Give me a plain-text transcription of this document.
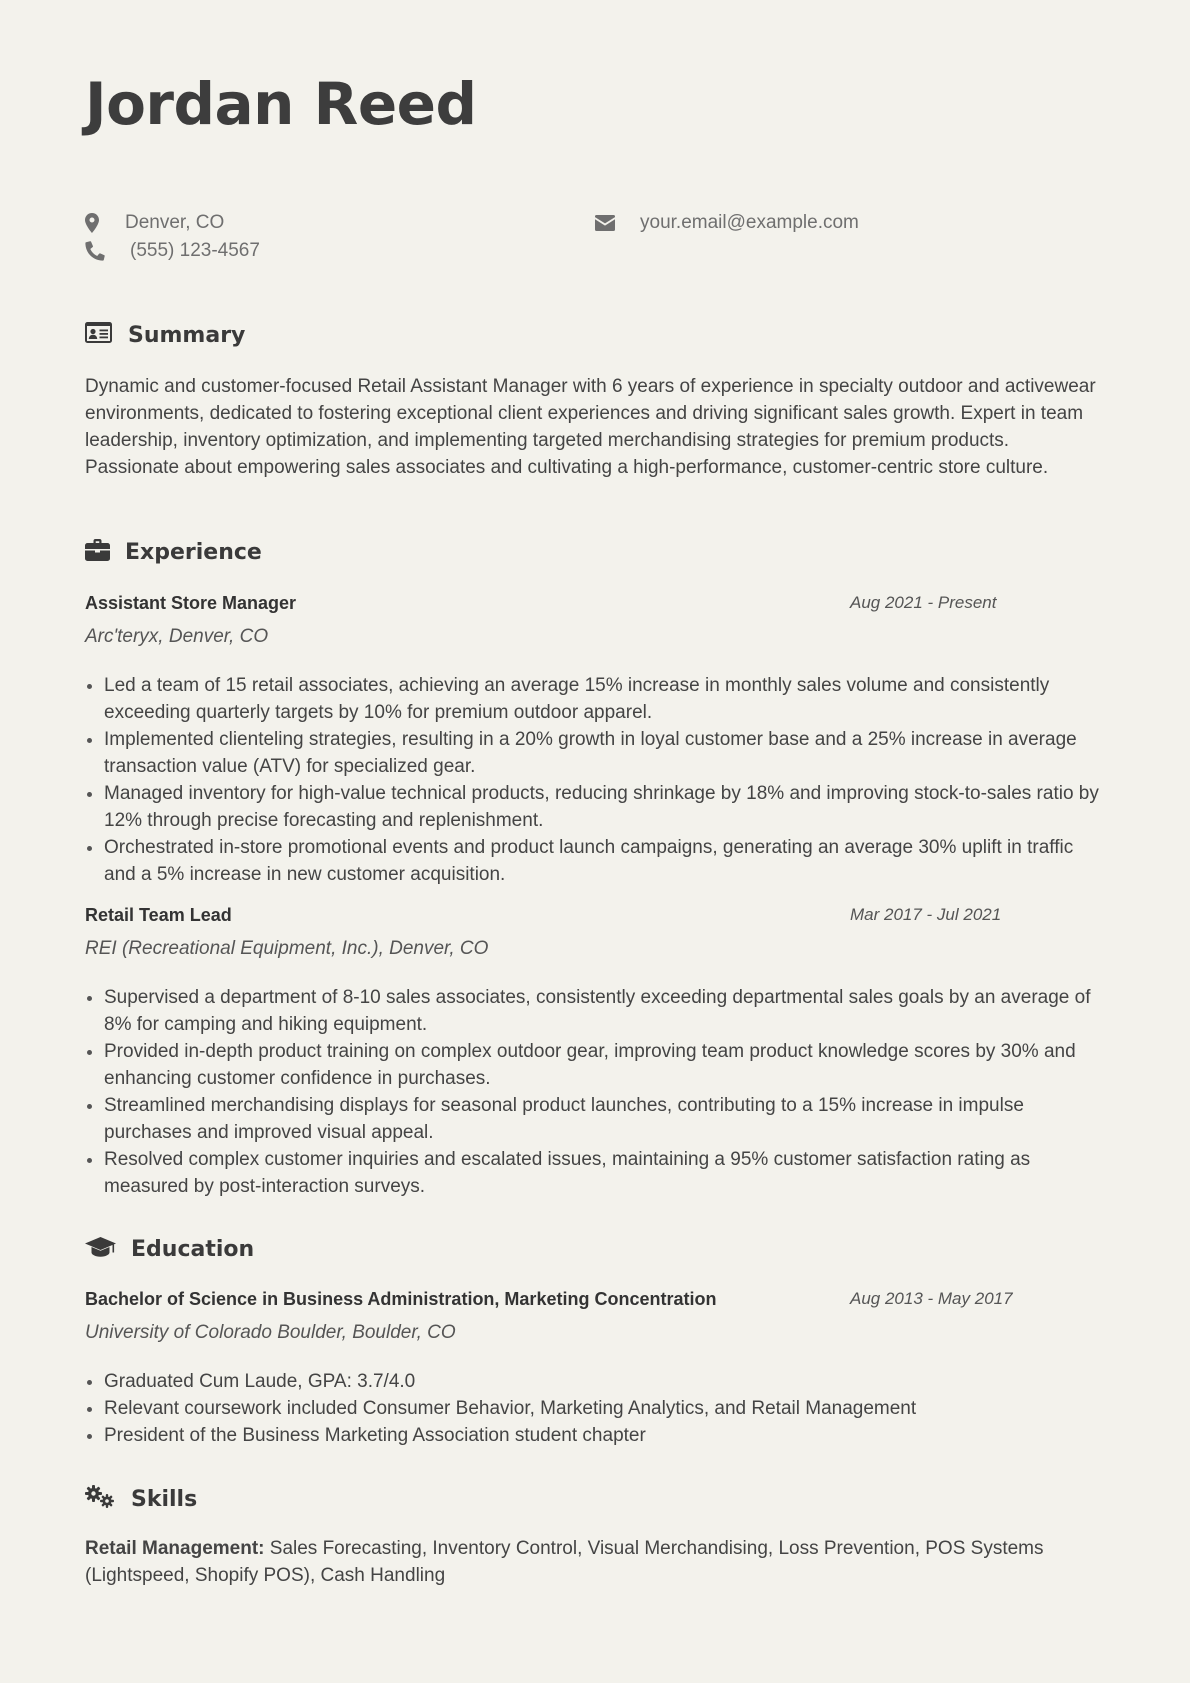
Jordan Reed
Denver, CO
(555) 123-4567
your.email@example.com
Summary

Dynamic and customer-focused Retail Assistant Manager with 6 years of experience in specialty outdoor and activewear environments, dedicated to fostering exceptional client experiences and driving significant sales growth. Expert in team leadership, inventory optimization, and implementing targeted merchandising strategies for premium products. Passionate about empowering sales associates and cultivating a high-performance, customer-centric store culture.

Experience
Assistant Store Manager	Aug 2021 - Present
Arc'teryx, Denver, CO
Led a team of 15 retail associates, achieving an average 15% increase in monthly sales volume and consistently exceeding quarterly targets by 10% for premium outdoor apparel.
Implemented clienteling strategies, resulting in a 20% growth in loyal customer base and a 25% increase in average transaction value (ATV) for specialized gear.
Managed inventory for high-value technical products, reducing shrinkage by 18% and improving stock-to-sales ratio by 12% through precise forecasting and replenishment.
Orchestrated in-store promotional events and product launch campaigns, generating an average 30% uplift in traffic and a 5% increase in new customer acquisition.
Retail Team Lead	Mar 2017 - Jul 2021
REI (Recreational Equipment, Inc.), Denver, CO
Supervised a department of 8-10 sales associates, consistently exceeding departmental sales goals by an average of 8% for camping and hiking equipment.
Provided in-depth product training on complex outdoor gear, improving team product knowledge scores by 30% and enhancing customer confidence in purchases.
Streamlined merchandising displays for seasonal product launches, contributing to a 15% increase in impulse purchases and improved visual appeal.
Resolved complex customer inquiries and escalated issues, maintaining a 95% customer satisfaction rating as measured by post-interaction surveys.
Education
Bachelor of Science in Business Administration, Marketing Concentration	Aug 2013 - May 2017
University of Colorado Boulder, Boulder, CO
Graduated Cum Laude, GPA: 3.7/4.0
Relevant coursework included Consumer Behavior, Marketing Analytics, and Retail Management
President of the Business Marketing Association student chapter
Skills

Retail Management: Sales Forecasting, Inventory Control, Visual Merchandising, Loss Prevention, POS Systems (Lightspeed, Shopify POS), Cash Handling
